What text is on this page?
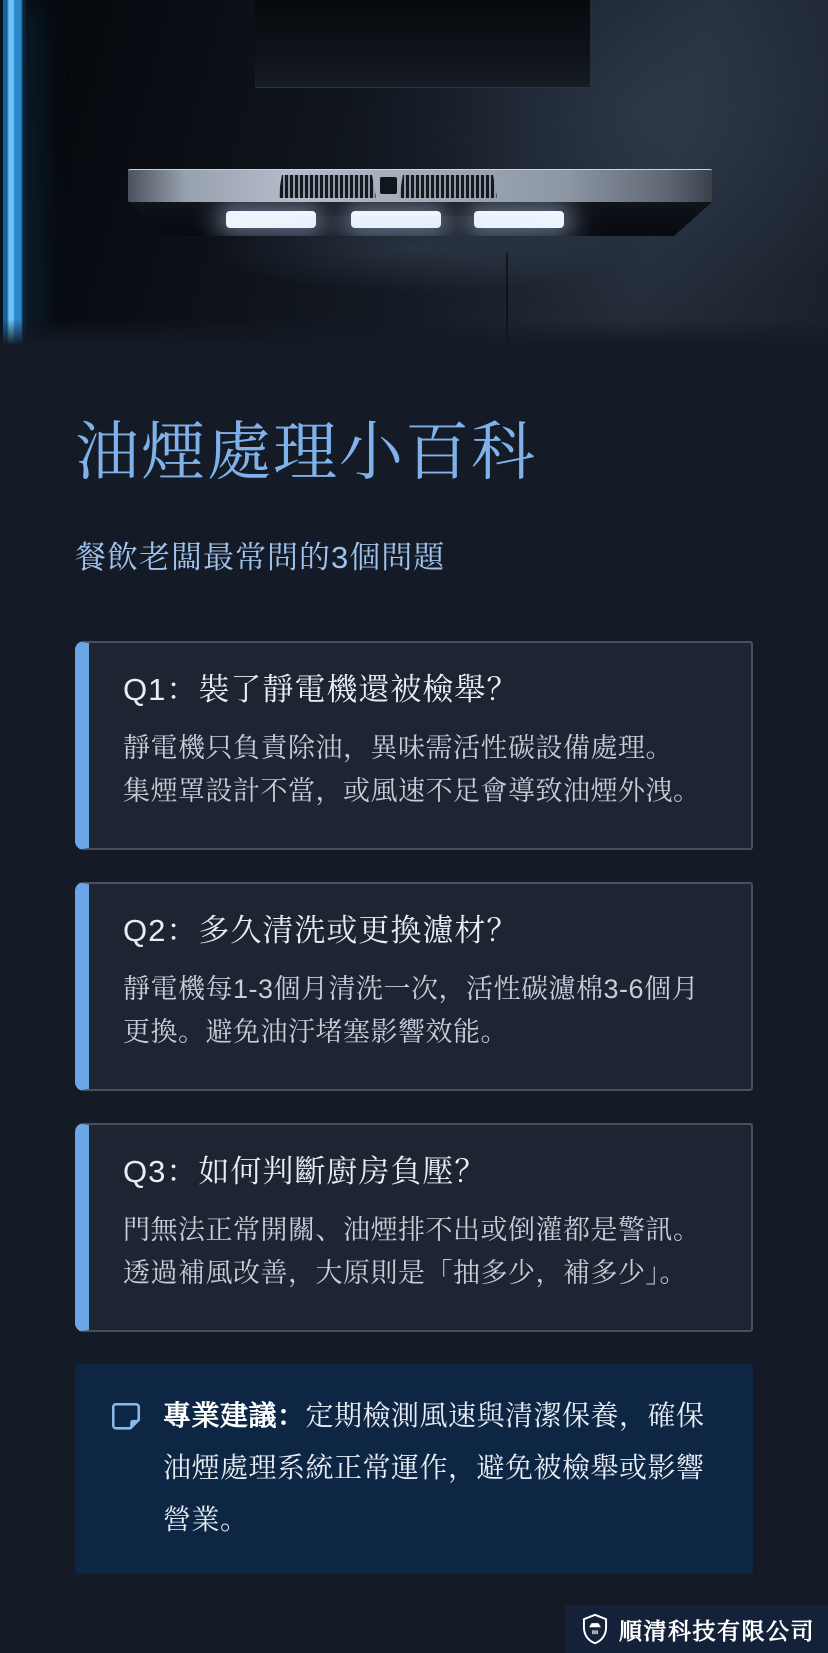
油煙處理小百科
餐飲老闆最常問的3個問題
Q1：裝了靜電機還被檢舉？
靜電機只負責除油，異味需活性碳設備處理。
集煙罩設計不當，或風速不足會導致油煙外洩。
Q2：多久清洗或更換濾材？
靜電機每1-3個月清洗一次，活性碳濾棉3-6個月
更換。避免油汙堵塞影響效能。
Q3：如何判斷廚房負壓？
門無法正常開關、油煙排不出或倒灌都是警訊。
透過補風改善，大原則是「抽多少，補多少」。
專業建議：定期檢測風速與清潔保養，確保油煙處理系統正常運作，避免被檢舉或影響營業。
順清科技有限公司
